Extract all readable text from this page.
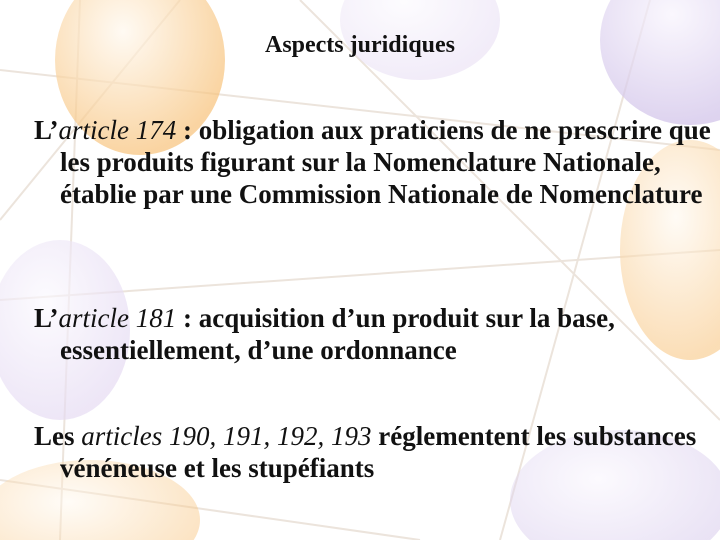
Aspects juridiques
L’article 174 : obligation aux praticiens de ne prescrire que les produits figurant sur la Nomenclature Nationale, établie par une Commission Nationale de Nomenclature
L’article 181 : acquisition d’un produit sur la base, essentiellement, d’une ordonnance
Les articles 190, 191, 192, 193 réglementent les substances vénéneuse et les stupéfiants
